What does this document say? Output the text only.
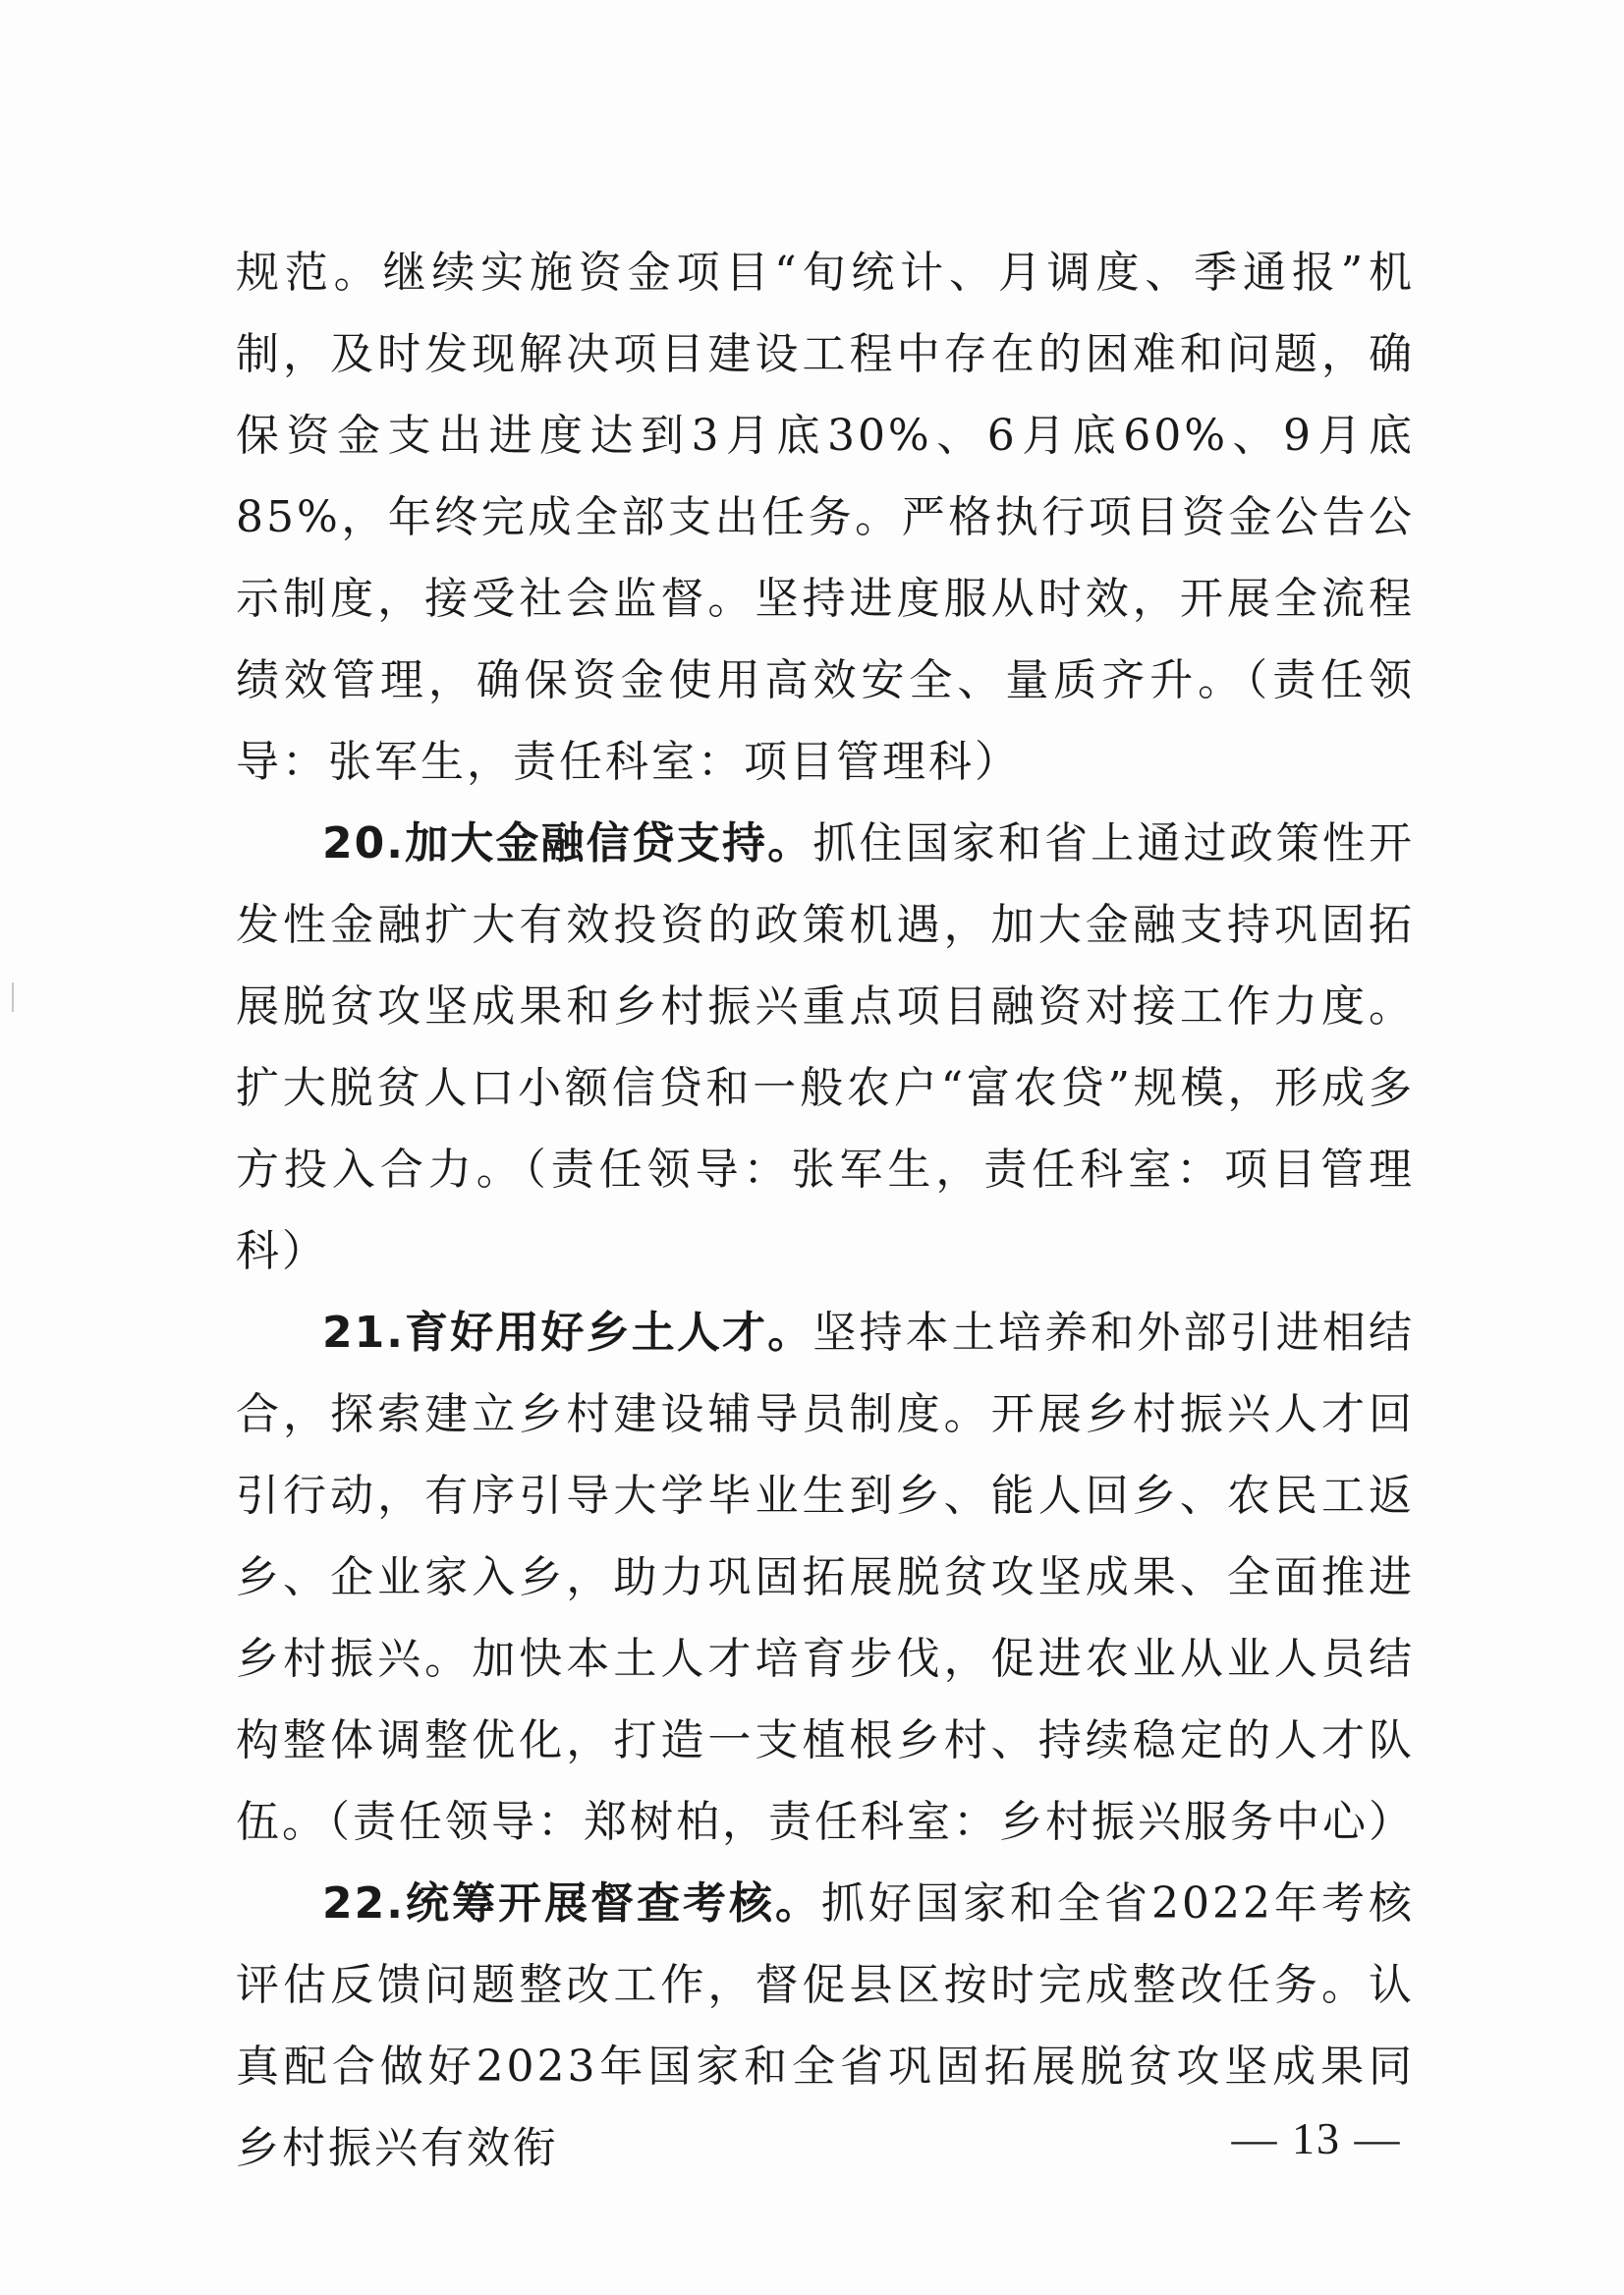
规范。继续实施资金项目“旬统计、月调度、季通报”机制，及时发现解决项目建设工程中存在的困难和问题，确保资金支出进度达到3月底30%、6月底60%、9月底85%，年终完成全部支出任务。严格执行项目资金公告公示制度，接受社会监督。坚持进度服从时效，开展全流程绩效管理，确保资金使用高效安全、量质齐升。（责任领导：张军生，责任科室：项目管理科）

20.加大金融信贷支持。抓住国家和省上通过政策性开发性金融扩大有效投资的政策机遇，加大金融支持巩固拓展脱贫攻坚成果和乡村振兴重点项目融资对接工作力度。扩大脱贫人口小额信贷和一般农户“富农贷”规模，形成多方投入合力。（责任领导：张军生，责任科室：项目管理科）

21.育好用好乡土人才。坚持本土培养和外部引进相结合，探索建立乡村建设辅导员制度。开展乡村振兴人才回引行动，有序引导大学毕业生到乡、能人回乡、农民工返乡、企业家入乡，助力巩固拓展脱贫攻坚成果、全面推进乡村振兴。加快本土人才培育步伐，促进农业从业人员结构整体调整优化，打造一支植根乡村、持续稳定的人才队伍。（责任领导：郑树柏，责任科室：乡村振兴服务中心）

22.统筹开展督查考核。抓好国家和全省2022年考核评估反馈问题整改工作，督促县区按时完成整改任务。认真配合做好2023年国家和全省巩固拓展脱贫攻坚成果同乡村振兴有效衔	— 13 —
